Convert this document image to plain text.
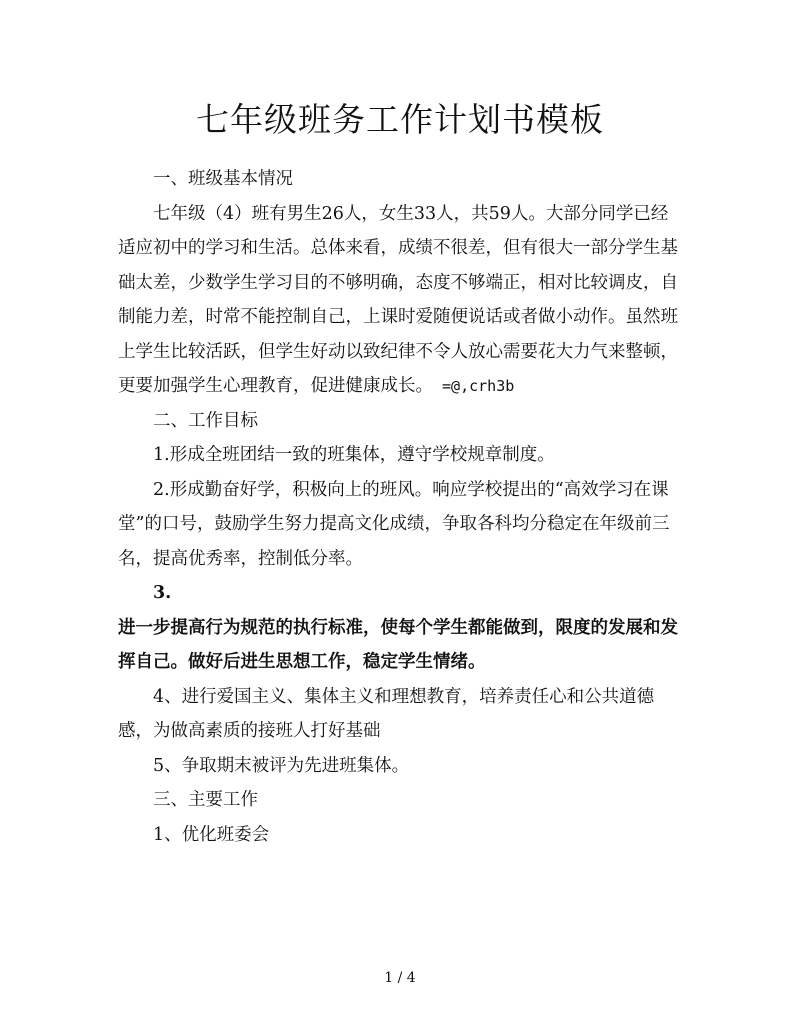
七年级班务工作计划书模板

一、班级基本情况

七年级（4）班有男生26人，女生33人，共59人。大部分同学已经适应初中的学习和生活。总体来看，成绩不很差，但有很大一部分学生基础太差，少数学生学习目的不够明确，态度不够端正，相对比较调皮，自制能力差，时常不能控制自己，上课时爱随便说话或者做小动作。虽然班上学生比较活跃，但学生好动以致纪律不令人放心需要花大力气来整顿，更要加强学生心理教育，促进健康成长。 =@,crh3b

二、工作目标

1.形成全班团结一致的班集体，遵守学校规章制度。

2.形成勤奋好学，积极向上的班风。响应学校提出的“高效学习在课堂”的口号，鼓励学生努力提高文化成绩，争取各科均分稳定在年级前三名，提高优秀率，控制低分率。

3.

进一步提高行为规范的执行标准，使每个学生都能做到，限度的发展和发挥自己。做好后进生思想工作，稳定学生情绪。

4、进行爱国主义、集体主义和理想教育，培养责任心和公共道德感，为做高素质的接班人打好基础

5、争取期末被评为先进班集体。

三、主要工作

1、优化班委会

1 / 4
